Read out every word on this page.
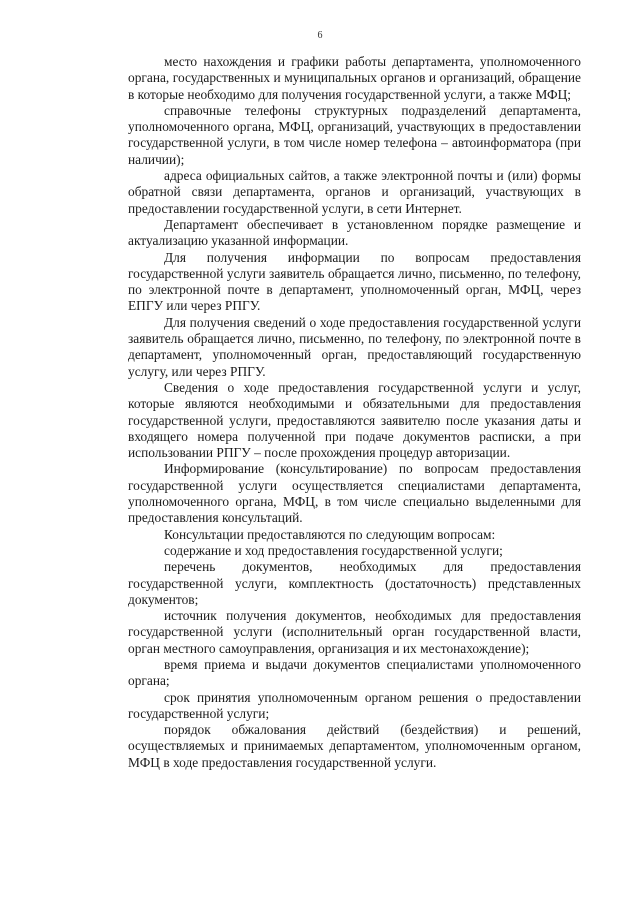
6

место нахождения и графики работы департамента, уполномоченного органа, государственных и муниципальных органов и организаций, обращение в которые необходимо для получения государственной услуги, а также МФЦ;

справочные телефоны структурных подразделений департамента, уполномоченного органа, МФЦ, организаций, участвующих в предоставлении государственной услуги, в том числе номер телефона – автоинформатора (при наличии);

адреса официальных сайтов, а также электронной почты и (или) формы обратной связи департамента, органов и организаций, участвующих в предоставлении государственной услуги, в сети Интернет.

Департамент обеспечивает в установленном порядке размещение и актуализацию указанной информации.

Для получения информации по вопросам предоставления государственной услуги заявитель обращается лично, письменно, по телефону, по электронной почте в департамент, уполномоченный орган, МФЦ, через ЕПГУ или через РПГУ.

Для получения сведений о ходе предоставления государственной услуги заявитель обращается лично, письменно, по телефону, по электронной почте в департамент, уполномоченный орган, предоставляющий государственную услугу, или через РПГУ.

Сведения о ходе предоставления государственной услуги и услуг, которые являются необходимыми и обязательными для предоставления государственной услуги, предоставляются заявителю после указания даты и входящего номера полученной при подаче документов расписки, а при использовании РПГУ – после прохождения процедур авторизации.

Информирование (консультирование) по вопросам предоставления государственной услуги осуществляется специалистами департамента, уполномоченного органа, МФЦ, в том числе специально выделенными для предоставления консультаций.

Консультации предоставляются по следующим вопросам:

содержание и ход предоставления государственной услуги;

перечень документов, необходимых для предоставления государственной услуги, комплектность (достаточность) представленных документов;

источник получения документов, необходимых для предоставления государственной услуги (исполнительный орган государственной власти, орган местного самоуправления, организация и их местонахождение);

время приема и выдачи документов специалистами уполномоченного органа;

срок принятия уполномоченным органом решения о предоставлении государственной услуги;

порядок обжалования действий (бездействия) и решений, осуществляемых и принимаемых департаментом, уполномоченным органом, МФЦ в ходе предоставления государственной услуги.
